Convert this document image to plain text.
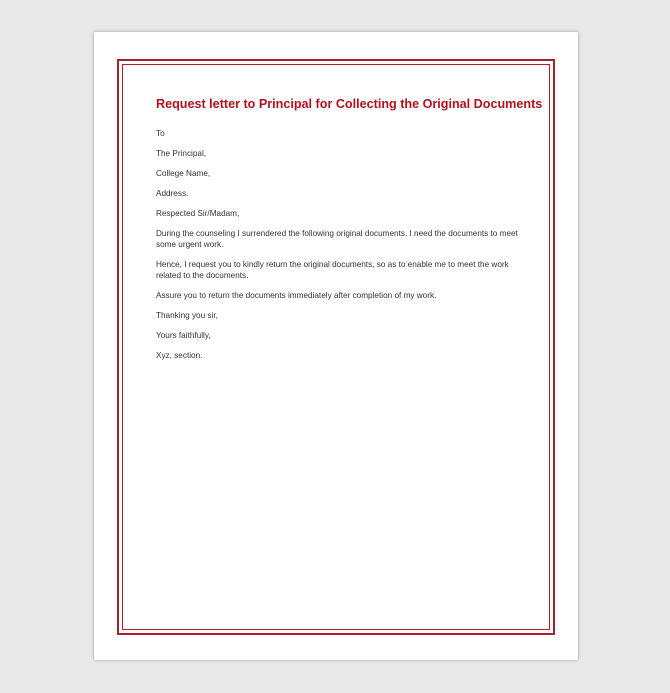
Request letter to Principal for Collecting the Original Documents

To

The Principal,

College Name,

Address.

Respected Sir/Madam,

During the counseling I surrendered the following original documents. I need the documents to meet some urgent work.

Hence, I request you to kindly return the original documents, so as to enable me to meet the work related to the documents.

Assure you to return the documents immediately after completion of my work.

Thanking you sir,

Yours faithfully,

Xyz, section.
